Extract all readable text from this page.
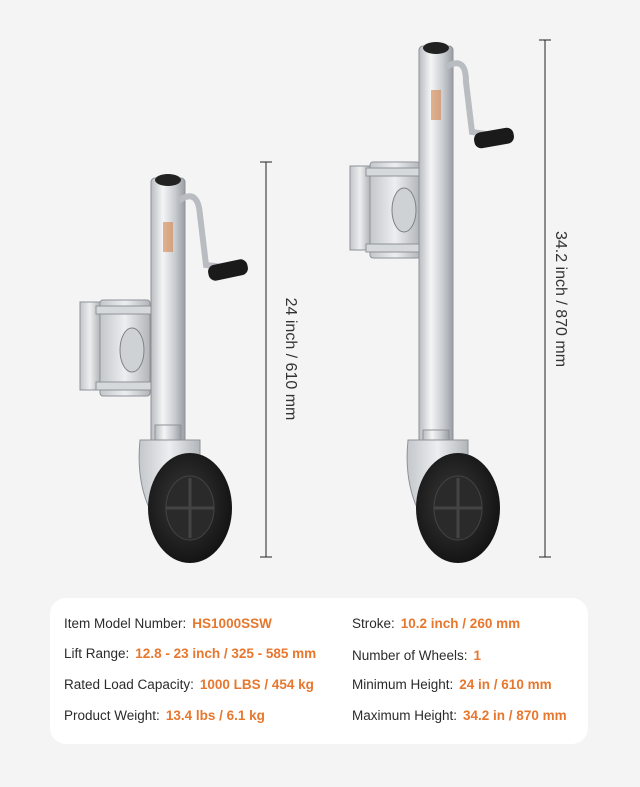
24 inch / 610 mm	34.2 inch / 870 mm
Item Model Number: HS1000SSW	Stroke: 10.2 inch / 260 mm
Lift Range: 12.8 - 23 inch / 325 - 585 mm	Number of Wheels: 1
Rated Load Capacity: 1000 LBS / 454 kg	Minimum Height: 24 in / 610 mm
Product Weight: 13.4 lbs / 6.1 kg	Maximum Height: 34.2 in / 870 mm
